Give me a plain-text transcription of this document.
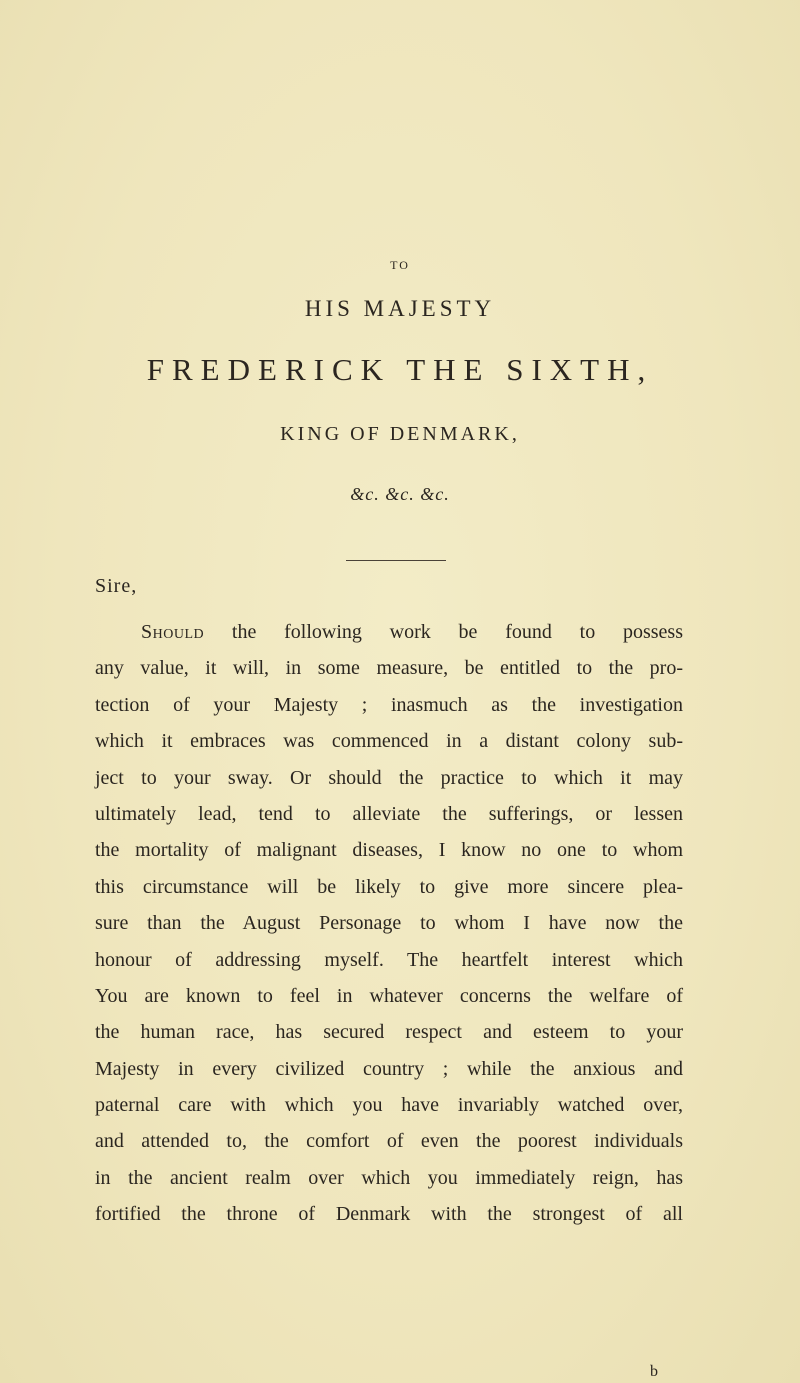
TO
HIS MAJESTY
FREDERICK THE SIXTH,
KING OF DENMARK,
&c. &c. &c.
Sire,
Should the following work be found to possess
any value, it will, in some measure, be entitled to the pro-
tection of your Majesty ; inasmuch as the investigation
which it embraces was commenced in a distant colony sub-
ject to your sway. Or should the practice to which it may
ultimately lead, tend to alleviate the sufferings, or lessen
the mortality of malignant diseases, I know no one to whom
this circumstance will be likely to give more sincere plea-
sure than the August Personage to whom I have now the
honour of addressing myself. The heartfelt interest which
You are known to feel in whatever concerns the welfare of
the human race, has secured respect and esteem to your
Majesty in every civilized country ; while the anxious and
paternal care with which you have invariably watched over,
and attended to, the comfort of even the poorest individuals
in the ancient realm over which you immediately reign, has
fortified the throne of Denmark with the strongest of all
b
